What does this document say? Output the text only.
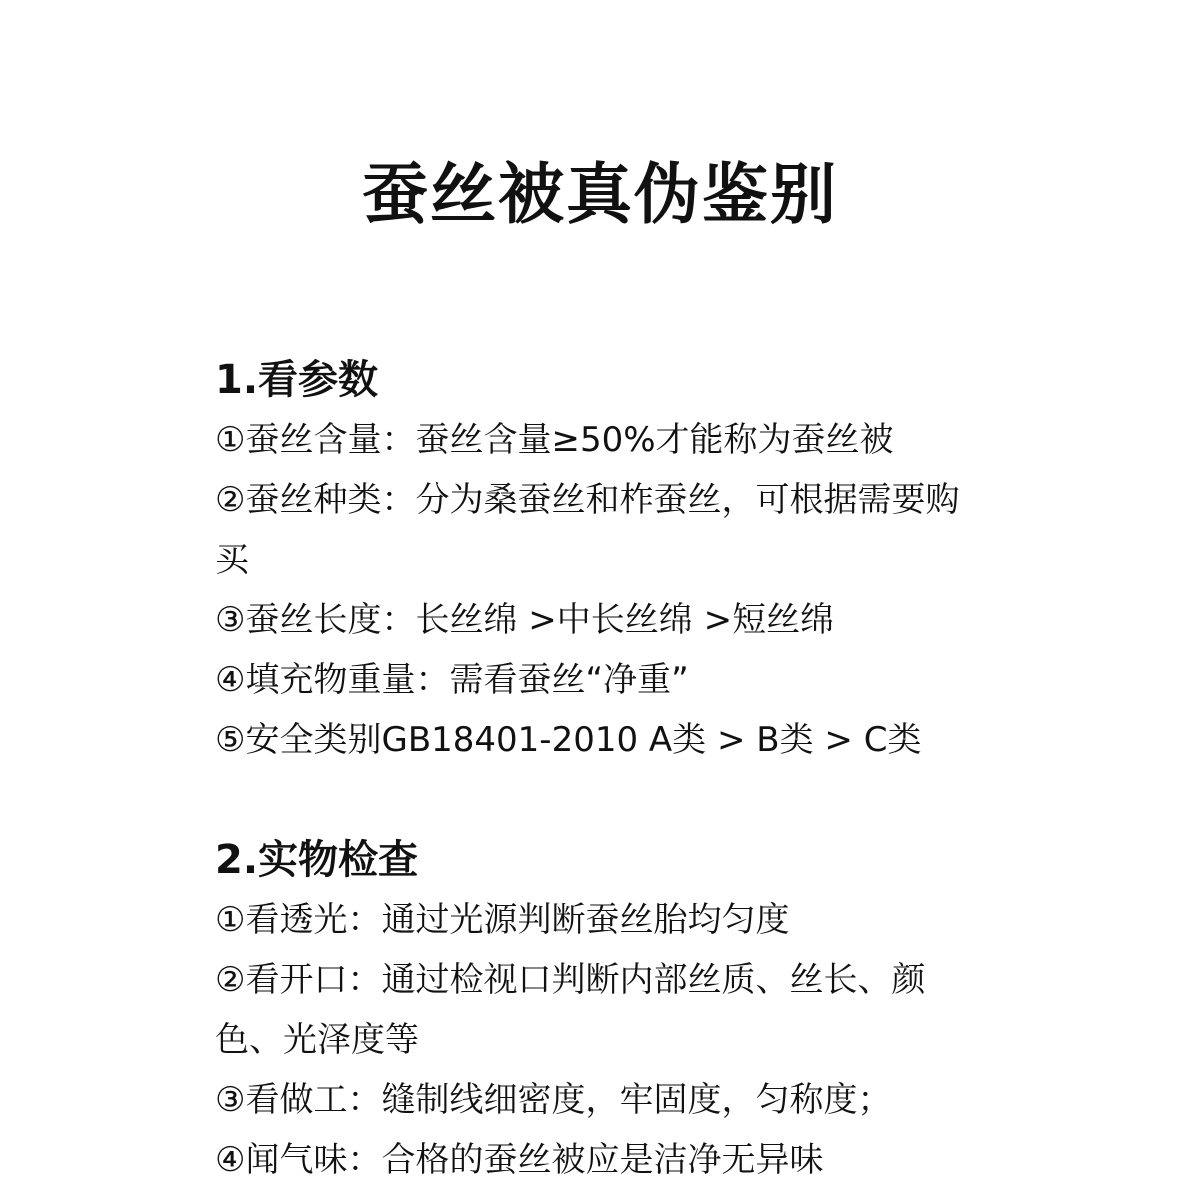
蚕丝被真伪鉴别
1.看参数
①蚕丝含量：蚕丝含量≥50%才能称为蚕丝被
②蚕丝种类：分为桑蚕丝和柞蚕丝，可根据需要购买
③蚕丝长度：长丝绵 >中长丝绵 >短丝绵
④填充物重量：需看蚕丝“净重”
⑤安全类别GB18401-2010 A类 > B类 > C类
2.实物检查
①看透光：通过光源判断蚕丝胎均匀度
②看开口：通过检视口判断内部丝质、丝长、颜色、光泽度等
③看做工：缝制线细密度，牢固度，匀称度；
④闻气味：合格的蚕丝被应是洁净无异味
